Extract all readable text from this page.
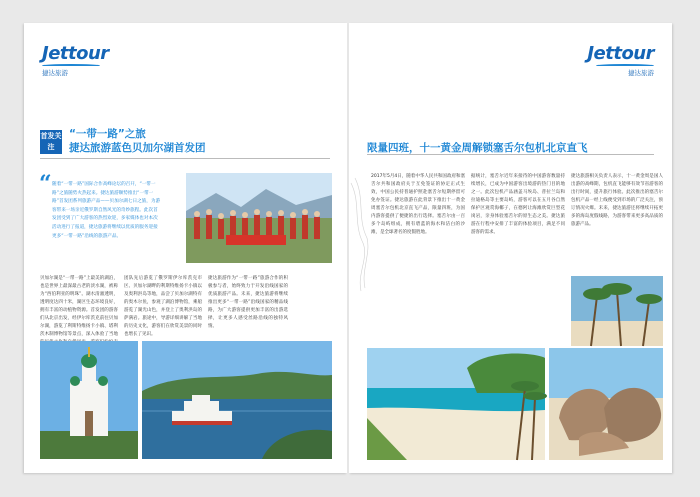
Jettour
捷达旅游
首发关注
“一带一路”之旅
捷达旅游蓝色贝加尔湖首发团
“ 随着“一带一路”国际合作高峰论坛的召开，“一带一路”之旅随势火热起来。捷达旅游顺势推出“一带一路”首发团系列旅游产品——贝加尔湖七日之旅，为游客带来一场亲近俄罗斯自然风光的奇妙旅程。此次首发团受到了广大游客的热烈欢迎，多家媒体也对本次活动进行了报道，捷达旅游将继续以优质的服务迎接更多“一带一路”沿线的旅游产品。
贝加尔湖是“一带一路”上最美的湖泊，也是世界上最深最古老的淡水湖，被称为“西伯利亚的明珠”。湖水清澈透明，透明度达四十米，湖区生态环境良好，拥有丰富的动植物资源。首发团的游客们从北京出发，经伊尔库茨克前往贝加尔湖，游览了利斯特维扬卡小镇、塔利茨木制博物馆等景点，深入体验了当地
团队先后游览了俄罗斯伊尔库茨克市区、贝加尔湖畔的利斯特维扬卡小镇以及奥利洪岛等地，品尝了贝加尔湖特有的奥木尔鱼，参观了湖泊博物馆，乘船游览了湖光山色，并登上了奥利洪岛的萨满岩。旅途中，导游详细讲解了当地的历史文化，游客们在欣赏美景的同时也增长了见识。
捷达旅游作为“一带一路”旅游合作的积极参与者，始终致力于开发沿线国家的优质旅游产品。未来，捷达旅游将继续推出更多“一带一路”沿线国家的精品线路，为广大游客提供更加丰富的出游选择，让更多人感受丝路沿线的独特风情。
Jettour
捷达旅游
限量四班，十一黄金周解锁塞舌尔包机北京直飞
2017年5月4日，随着中华人民共和国政府和塞舌尔共和国政府关于互免签证的协定正式生效，中国公民持普通护照赴塞舌尔短期停留可免办签证。捷达旅游在此背景下推出十一黄金周塞舌尔包机北京直飞产品，限量四班，为国内游客提供了便捷的出行选择。塞舌尔由一百多个岛屿组成，拥有碧蓝的海水和洁白的沙滩，是全球著名的度假胜地。
据统计，塞舌尔近年来接待的中国游客数量持续增长，已成为中国游客出境游的热门目的地之一。此次包机产品涵盖马埃岛、普拉兰岛和拉迪格岛等主要岛屿，游客可以在五月谷自然保护区观赏海椰子，在德阿让海滩欣赏巨型花岗岩，亲身体验塞舌尔的原生态之美。捷达旅游在行程中安排了丰富的体验项目，满足不同游客的需求。
捷达旅游相关负责人表示，十一黄金周是国人出游的高峰期，包机直飞能够有效节省游客的出行时间，提升旅行体验。此次推出的塞舌尔包机产品一经上线便受到市场的广泛关注，预订情况火爆。未来，捷达旅游还将继续开拓更多的海岛度假线路，为游客带来更多高品质的旅游产品。
